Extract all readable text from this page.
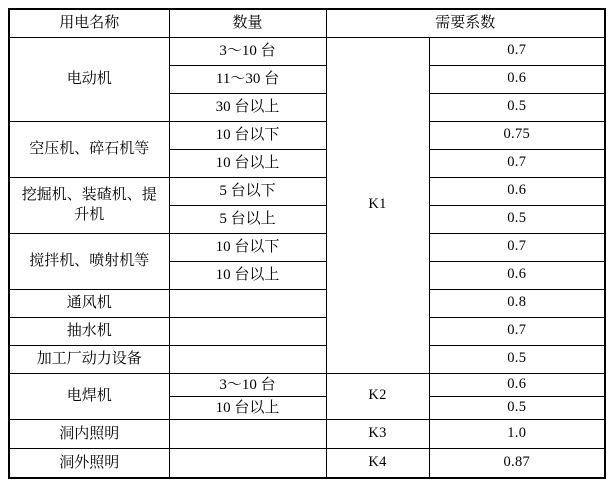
用电名称	数量	需要系数	
电动机	3～10 台	K1	0.7
	11～30 台		0.6
	30 台以上		0.5
空压机、碎石机等	10 台以下		0.75
	10 台以上		0.7
挖掘机、装碴机、提升机	5 台以下		0.6
	5 台以上		0.5
搅拌机、喷射机等	10 台以下		0.7
	10 台以上		0.6
通风机			0.8
抽水机			0.7
加工厂动力设备			0.5
电焊机	3～10 台	K2	0.6
	10 台以上		0.5
洞内照明		K3	1.0
洞外照明		K4	0.87
